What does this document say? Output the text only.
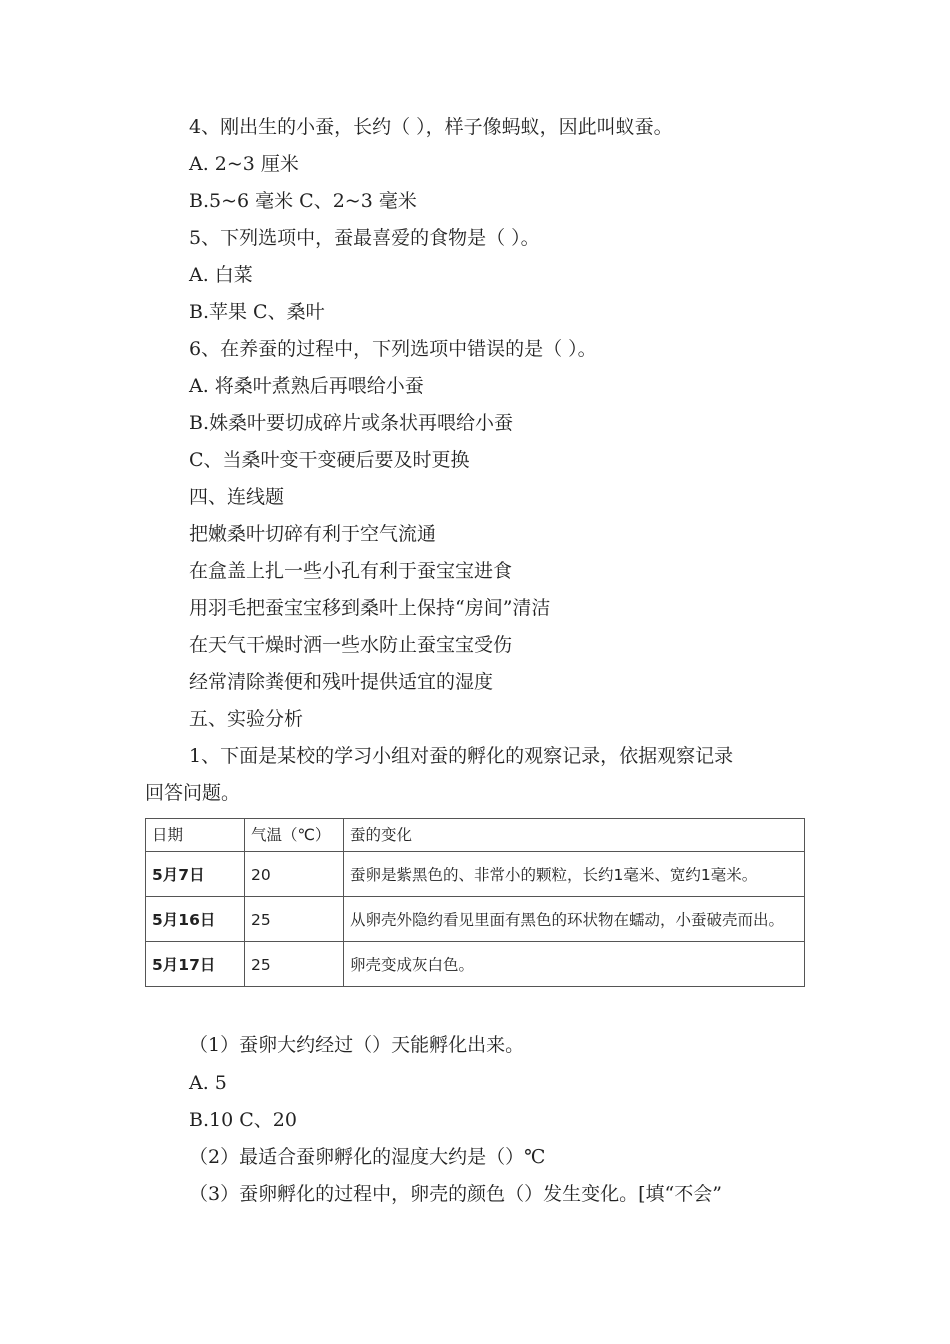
4、刚出生的小蚕，长约（ ），样子像蚂蚁，因此叫蚁蚕。
A. 2~3 厘米
B.5~6 毫米 C、2~3 毫米
5、下列选项中，蚕最喜爱的食物是（ ）。
A. 白菜
B.苹果 C、桑叶
6、在养蚕的过程中，下列选项中错误的是（ ）。
A. 将桑叶煮熟后再喂给小蚕
B.姝桑叶要切成碎片或条状再喂给小蚕
C、当桑叶变干变硬后要及时更换
四、连线题
把嫩桑叶切碎有利于空气流通
在盒盖上扎一些小孔有利于蚕宝宝进食
用羽毛把蚕宝宝移到桑叶上保持“房间”清洁
在天气干燥时洒一些水防止蚕宝宝受伤
经常清除粪便和残叶提供适宜的湿度
五、实验分析
1、下面是某校的学习小组对蚕的孵化的观察记录，依据观察记录
回答问题。
日期	气温（℃）	蚕的变化
5月7日	20	蚕卵是紫黑色的、非常小的颗粒，长约1毫米、宽约1毫米。
5月16日	25	从卵壳外隐约看见里面有黑色的环状物在蠕动，小蚕破壳而出。
5月17日	25	卵壳变成灰白色。
（1）蚕卵大约经过（）天能孵化出来。
A. 5
B.10 C、20
（2）最适合蚕卵孵化的湿度大约是（）℃
（3）蚕卵孵化的过程中，卵壳的颜色（）发生变化。[填“不会”
